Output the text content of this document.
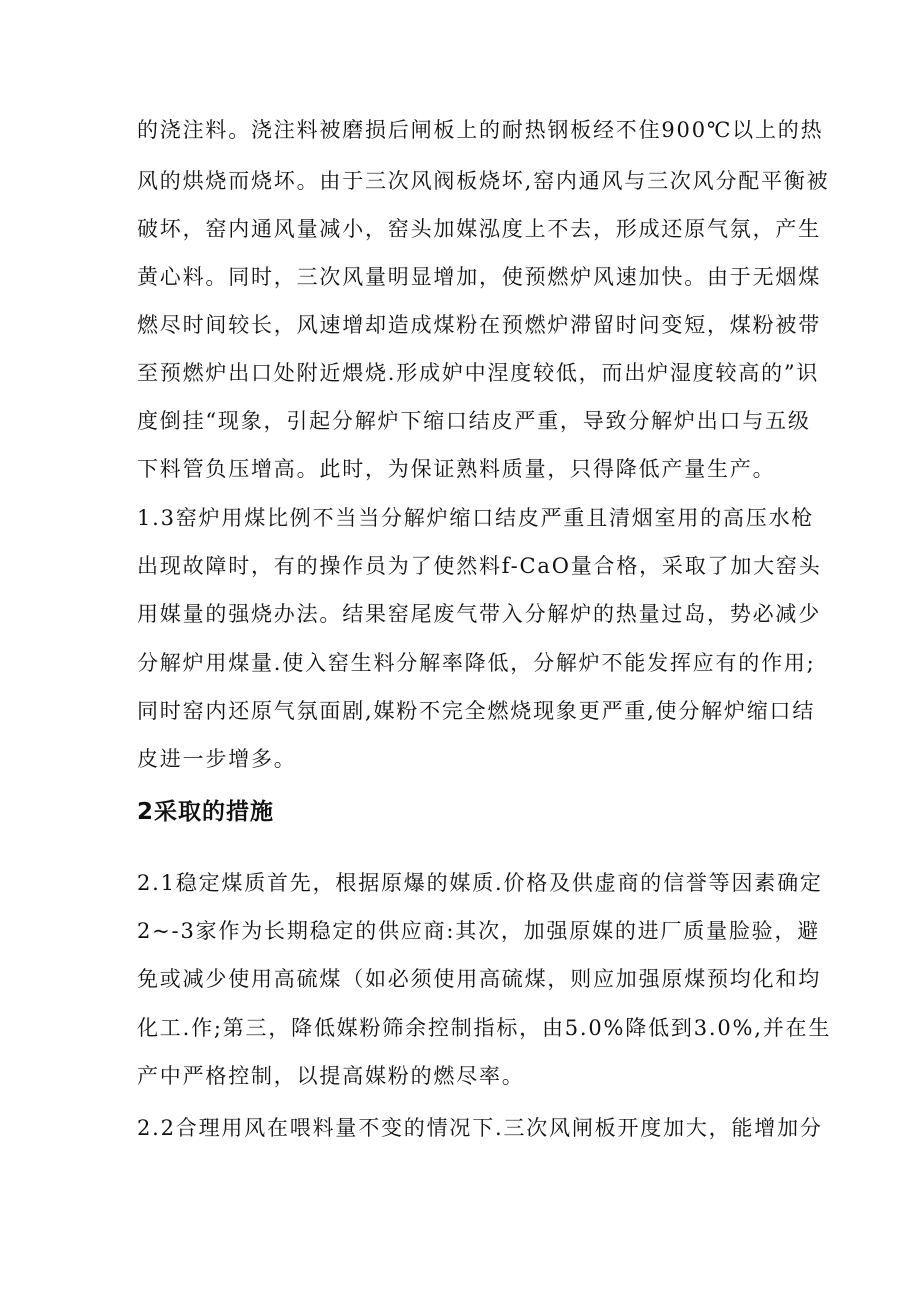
的浇注料。浇注料被磨损后闸板上的耐热钢板经不住900℃以上的热

风的烘烧而烧坏。由于三次风阀板烧坏,窑内通风与三次风分配平衡被

破坏，窑内通风量减小，窑头加媒泓度上不去，形成还原气氛，产生

黄心料。同时，三次风量明显增加，使预燃炉风速加快。由于无烟煤

燃尽时间较长，风速增却造成煤粉在预燃炉滞留时问变短，煤粉被带

至预燃炉出口处附近煨烧.形成妒中涅度较低，而出炉湿度较高的”识

度倒挂“现象，引起分解炉下缩口结皮严重，导致分解炉出口与五级

下料管负压增高。此时，为保证熟料质量，只得降低产量生产。

1.3窑炉用煤比例不当当分解炉缩口结皮严重且清烟室用的高压水枪

出现故障时，有的操作员为了使然料f-CaO量合格，采取了加大窑头

用媒量的强烧办法。结果窑尾废气带入分解炉的热量过岛，势必减少

分解炉用煤量.使入窑生料分解率降低，分解炉不能发挥应有的作用;

同时窑内还原气氛面剧,媒粉不完全燃烧现象更严重,使分解炉缩口结

皮进一步增多。

2采取的措施

2.1稳定煤质首先，根据原爆的媒质.价格及供虚商的信誉等因素确定

2~-3家作为长期稳定的供应商:其次，加强原媒的进厂质量脸验，避

免或减少使用高硫煤（如必须使用高硫煤，则应加强原煤预均化和均

化工.作;第三，降低媒粉筛余控制指标，由5.0%降低到3.0%,并在生

产中严格控制，以提高媒粉的燃尽率。

2.2合理用风在喂料量不变的情况下.三次风闸板开度加大，能增加分
